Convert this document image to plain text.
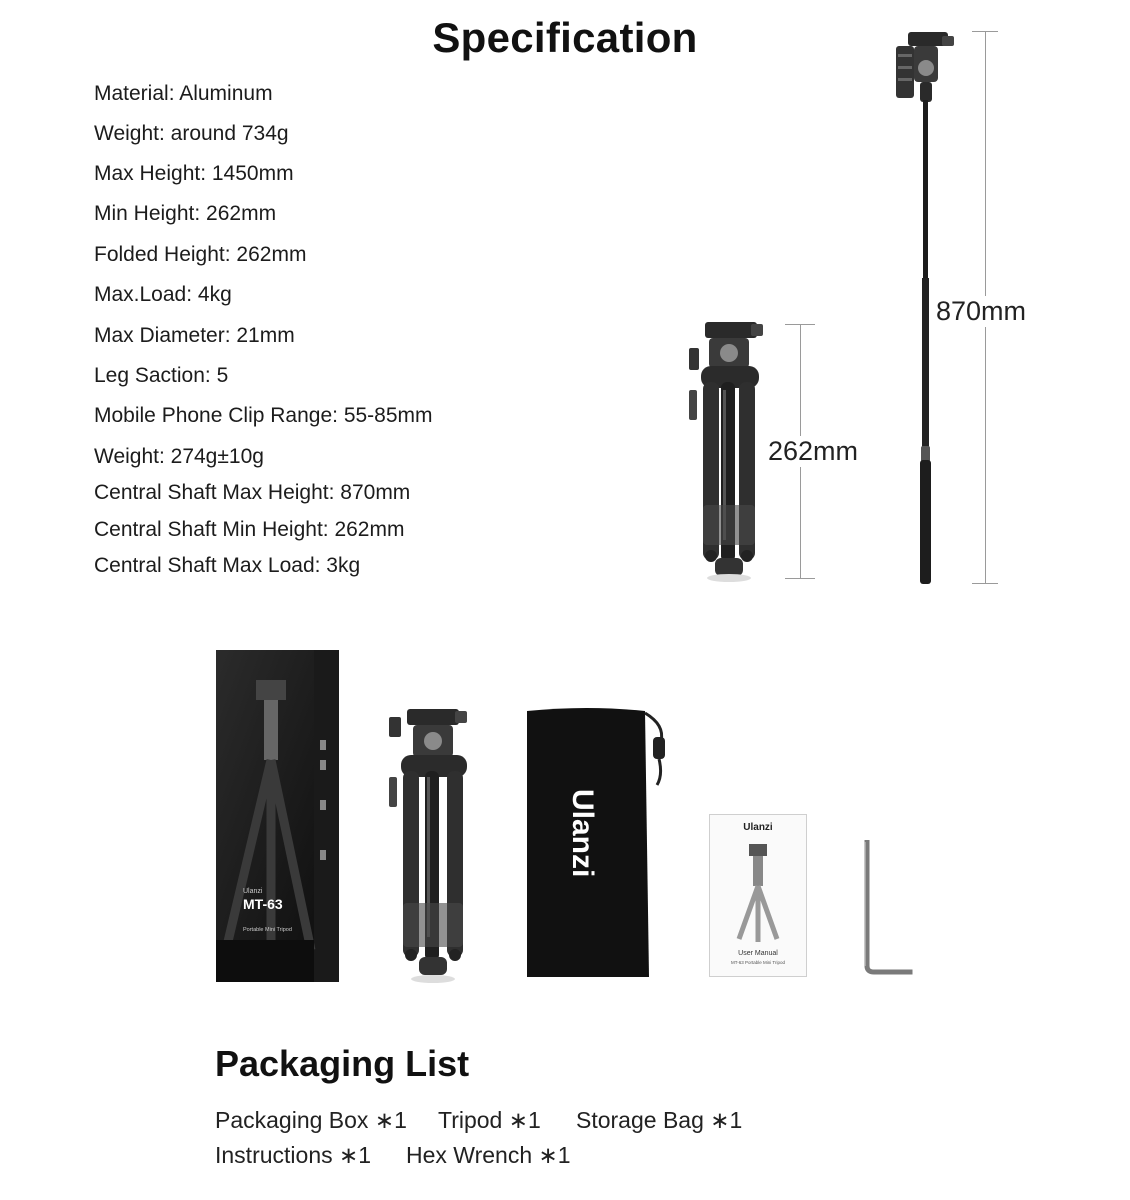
Specification
Material: Aluminum
Weight: around 734g
Max Height: 1450mm
Min Height: 262mm
Folded Height: 262mm
Max.Load: 4kg
Max Diameter: 21mm
Leg Saction: 5
Mobile Phone Clip Range: 55-85mm
Weight: 274g±10g
Central Shaft Max Height: 870mm
Central Shaft Min Height: 262mm
Central Shaft Max Load: 3kg
262mm
870mm
Ulanzi
MT-63
Portable Mini Tripod
Ulanzi	Ulanzi
User Manual
MT-63 Portable Mini Tripod
Packaging List
Packaging Box ∗1 Tripod ∗1 Storage Bag ∗1
Instructions ∗1 Hex Wrench ∗1
